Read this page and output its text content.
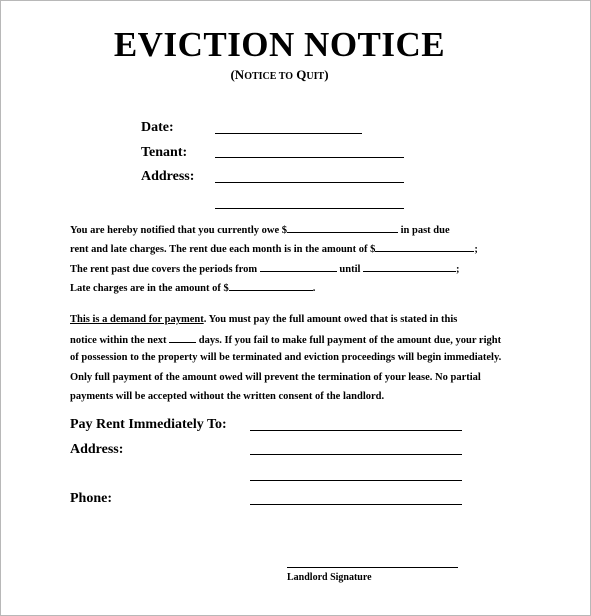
EVICTION NOTICE
(NOTICE TO QUIT)
Date:
Tenant:
Address:
You are hereby notified that you currently owe $	in past due
rent and late charges. The rent due each month is in the amount of $	;
The rent past due covers the periods from	until	;
Late charges are in the amount of $	.
This is a demand for payment. You must pay the full amount owed that is stated in this
notice within the next	days. If you fail to make full payment of the amount due, your right
of possession to the property will be terminated and eviction proceedings will begin immediately.
Only full payment of the amount owed will prevent the termination of your lease. No partial
payments will be accepted without the written consent of the landlord.
Pay Rent Immediately To:
Address:
Phone:
Landlord Signature
